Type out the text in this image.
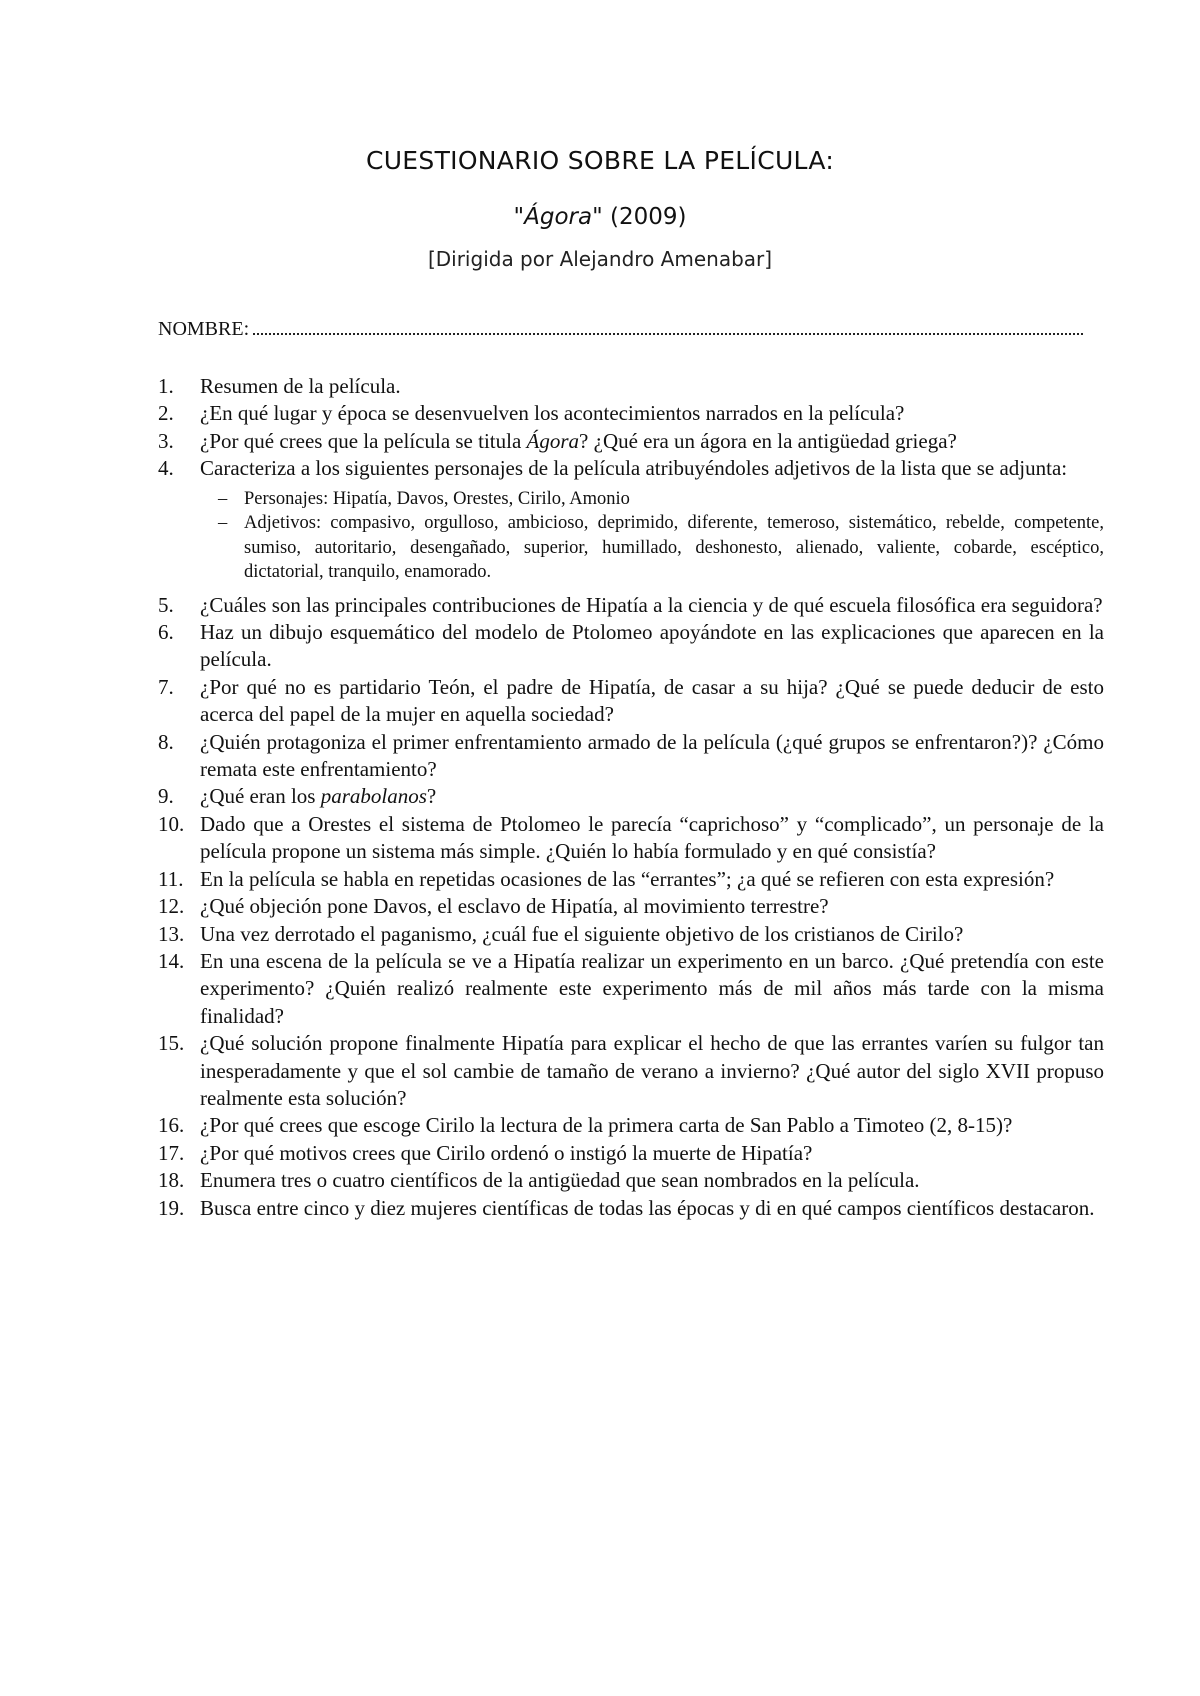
CUESTIONARIO SOBRE LA PELÍCULA:

"Ágora" (2009)

[Dirigida por Alejandro Amenabar]

NOMBRE:
1.	Resumen de la película.
2.	¿En qué lugar y época se desenvuelven los acontecimientos narrados en la película?
3.	¿Por qué crees que la película se titula Ágora? ¿Qué era un ágora en la antigüedad griega?
4.	Caracteriza a los siguientes personajes de la película atribuyéndoles adjetivos de la lista que se adjunta:
– Personajes: Hipatía, Davos, Orestes, Cirilo, Amonio
– Adjetivos: compasivo, orgulloso, ambicioso, deprimido, diferente, temeroso, sistemático, rebelde, competente, sumiso, autoritario, desengañado, superior, humillado, deshonesto, alienado, valiente, cobarde, escéptico, dictatorial, tranquilo, enamorado.
5.	¿Cuáles son las principales contribuciones de Hipatía a la ciencia y de qué escuela filosófica era seguidora?
6.	Haz un dibujo esquemático del modelo de Ptolomeo apoyándote en las explicaciones que aparecen en la película.
7.	¿Por qué no es partidario Teón, el padre de Hipatía, de casar a su hija? ¿Qué se puede deducir de esto acerca del papel de la mujer en aquella sociedad?
8.	¿Quién protagoniza el primer enfrentamiento armado de la película (¿qué grupos se enfrentaron?)? ¿Cómo remata este enfrentamiento?
9.	¿Qué eran los parabolanos?
10. Dado que a Orestes el sistema de Ptolomeo le parecía “caprichoso” y “complicado”, un personaje de la película propone un sistema más simple. ¿Quién lo había formulado y en qué consistía?
11. En la película se habla en repetidas ocasiones de las “errantes”; ¿a qué se refieren con esta expresión?
12. ¿Qué objeción pone Davos, el esclavo de Hipatía, al movimiento terrestre?
13. Una vez derrotado el paganismo, ¿cuál fue el siguiente objetivo de los cristianos de Cirilo?
14. En una escena de la película se ve a Hipatía realizar un experimento en un barco. ¿Qué pretendía con este experimento? ¿Quién realizó realmente este experimento más de mil años más tarde con la misma finalidad?
15. ¿Qué solución propone finalmente Hipatía para explicar el hecho de que las errantes varíen su fulgor tan inesperadamente y que el sol cambie de tamaño de verano a invierno? ¿Qué autor del siglo XVII propuso realmente esta solución?
16. ¿Por qué crees que escoge Cirilo la lectura de la primera carta de San Pablo a Timoteo (2, 8-15)?
17. ¿Por qué motivos crees que Cirilo ordenó o instigó la muerte de Hipatía?
18. Enumera tres o cuatro científicos de la antigüedad que sean nombrados en la película.
19. Busca entre cinco y diez mujeres científicas de todas las épocas y di en qué campos científicos destacaron.
